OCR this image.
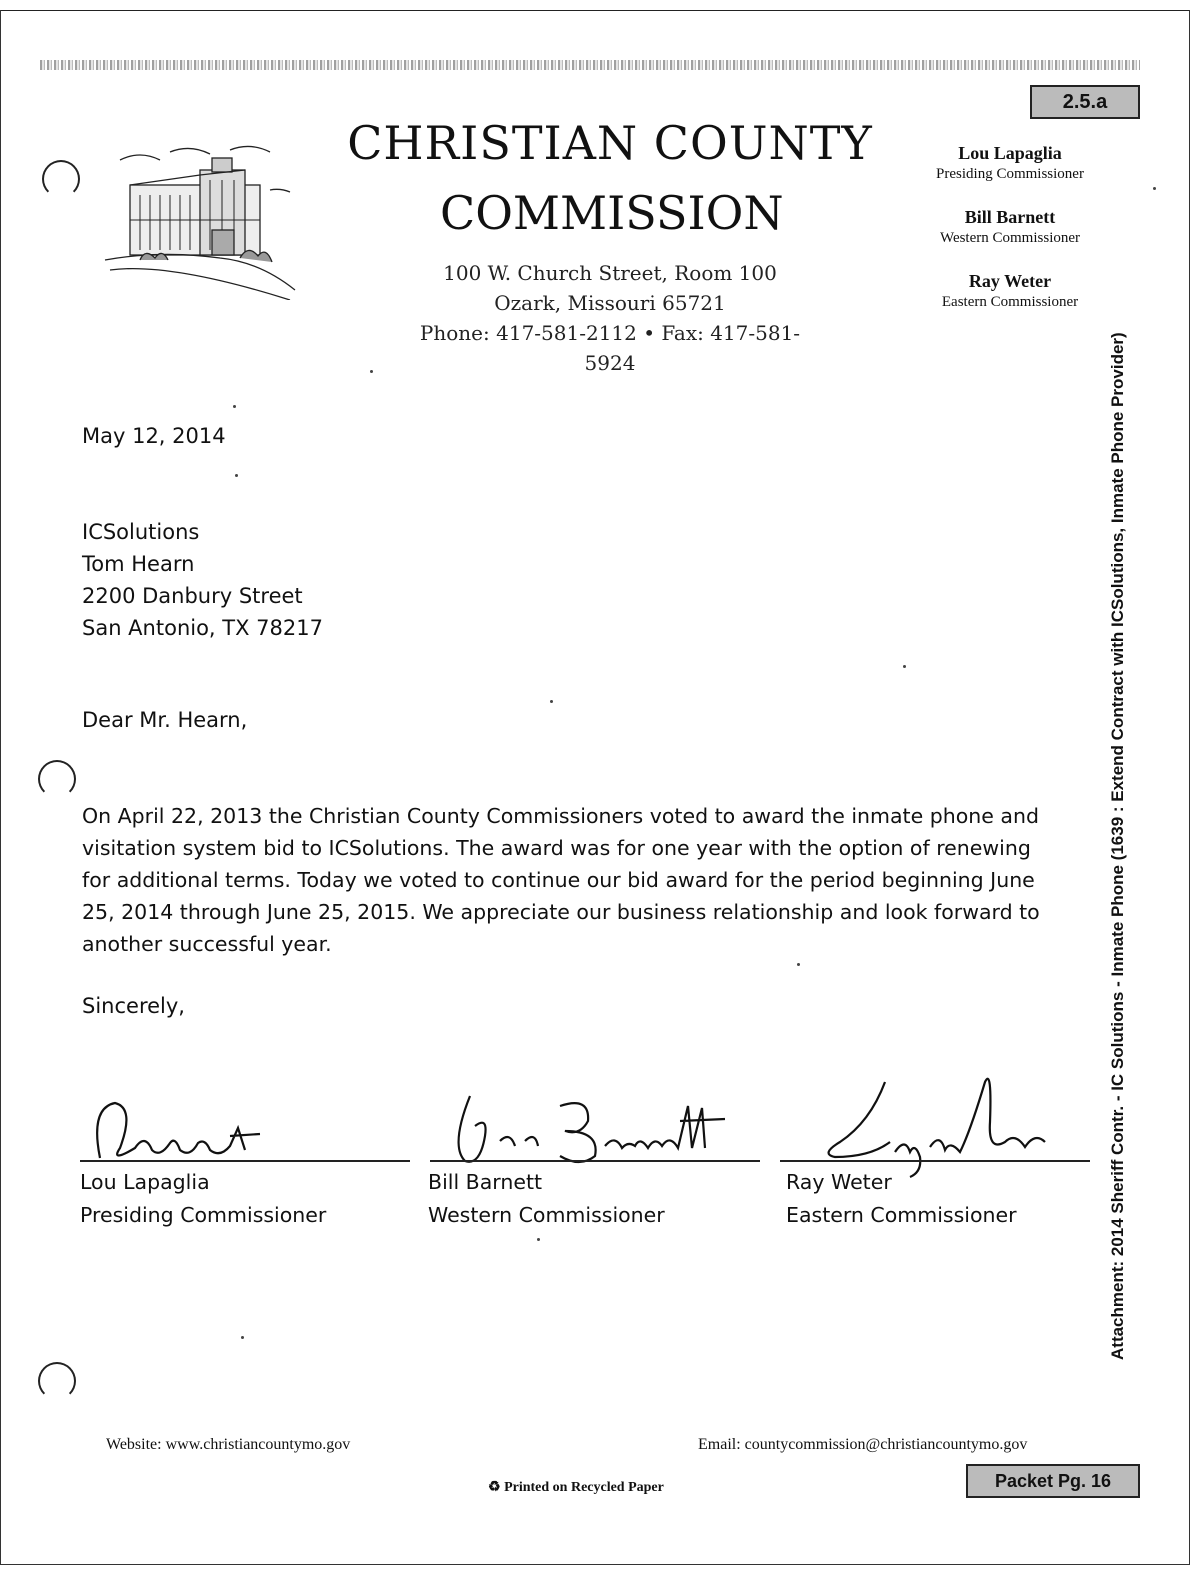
2.5.a
CHRISTIAN COUNTY
COMMISSION
100 W. Church Street, Room 100
Ozark, Missouri 65721
Phone: 417-581-2112 • Fax: 417-581-5924
Lou Lapaglia
Presiding Commissioner
Bill Barnett
Western Commissioner
Ray Weter
Eastern Commissioner
May 12, 2014
ICSolutions
Tom Hearn
2200 Danbury Street
San Antonio, TX 78217
Dear Mr. Hearn,
On April 22, 2013 the Christian County Commissioners voted to award the inmate phone and visitation system bid to ICSolutions. The award was for one year with the option of renewing for additional terms. Today we voted to continue our bid award for the period beginning June 25, 2014 through June 25, 2015. We appreciate our business relationship and look forward to another successful year.
Sincerely,
Lou Lapaglia
Presiding Commissioner
Bill Barnett
Western Commissioner
Ray Weter
Eastern Commissioner	Attachment: 2014 Sheriff Contr. - IC Solutions - Inmate Phone (1639 : Extend Contract with ICSolutions, Inmate Phone Provider)
Website: www.christiancountymo.gov	Email: countycommission@christiancountymo.gov
♻ Printed on Recycled Paper	Packet Pg. 16
